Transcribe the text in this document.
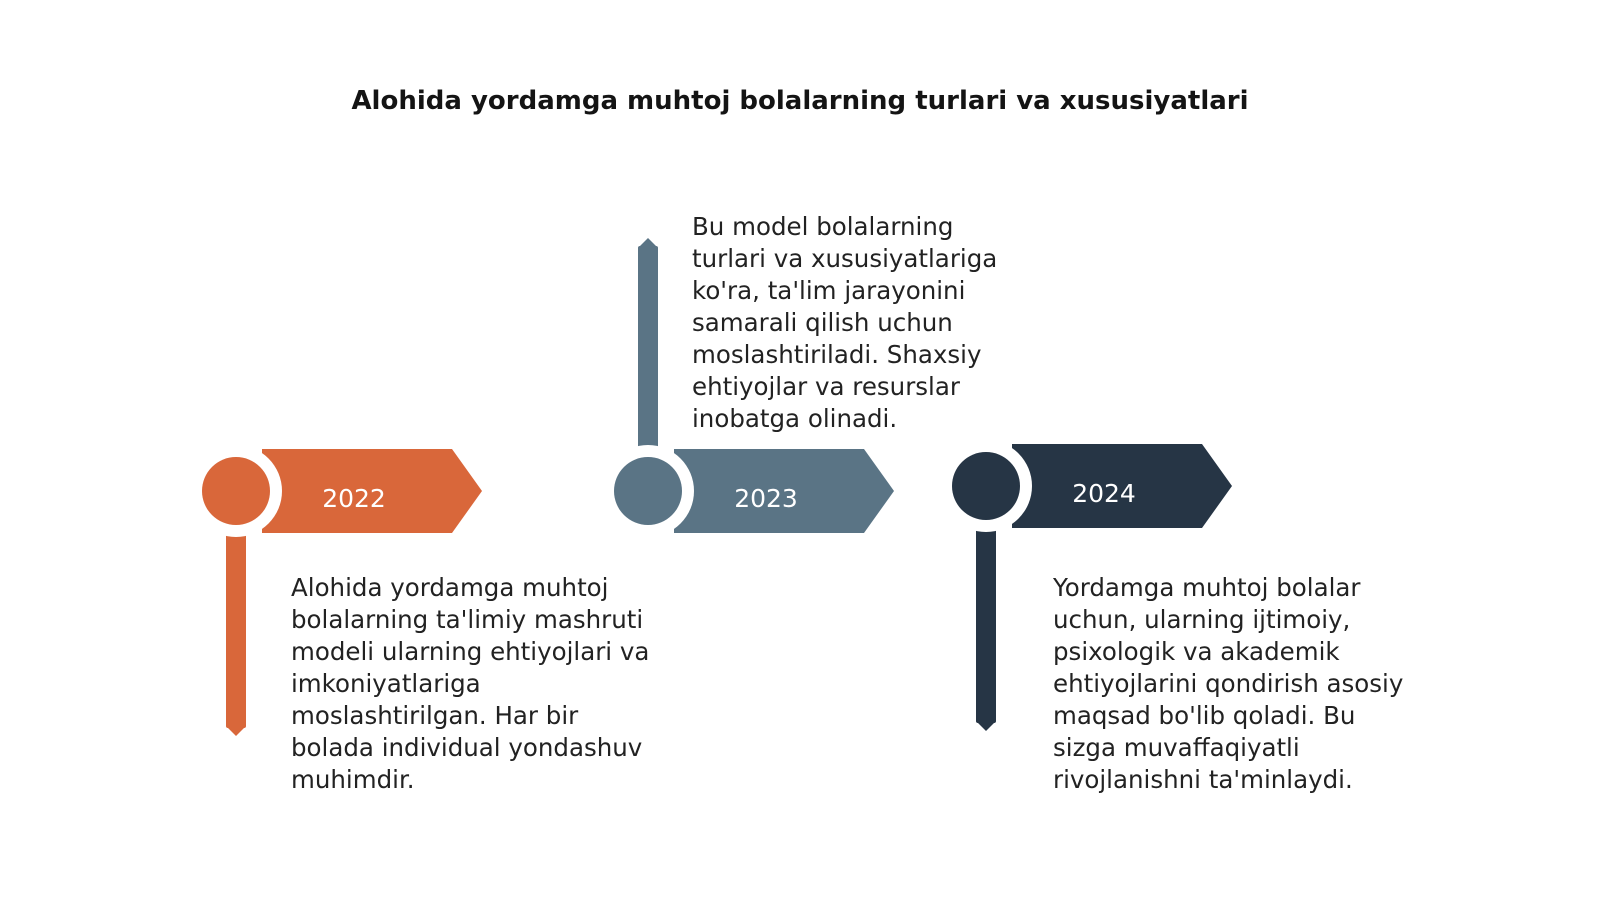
Alohida yordamga muhtoj bolalarning turlari va xususiyatlari
2022	2023	2024
Alohida yordamga muhtoj bolalarning ta'limiy mashruti modeli ularning ehtiyojlari va imkoniyatlariga moslashtirilgan. Har bir bolada individual yondashuv muhimdir.
Bu model bolalarning turlari va xususiyatlariga ko'ra, ta'lim jarayonini samarali qilish uchun moslashtiriladi. Shaxsiy ehtiyojlar va resurslar inobatga olinadi.
Yordamga muhtoj bolalar uchun, ularning ijtimoiy, psixologik va akademik ehtiyojlarini qondirish asosiy maqsad bo'lib qoladi. Bu sizga muvaffaqiyatli rivojlanishni ta'minlaydi.
